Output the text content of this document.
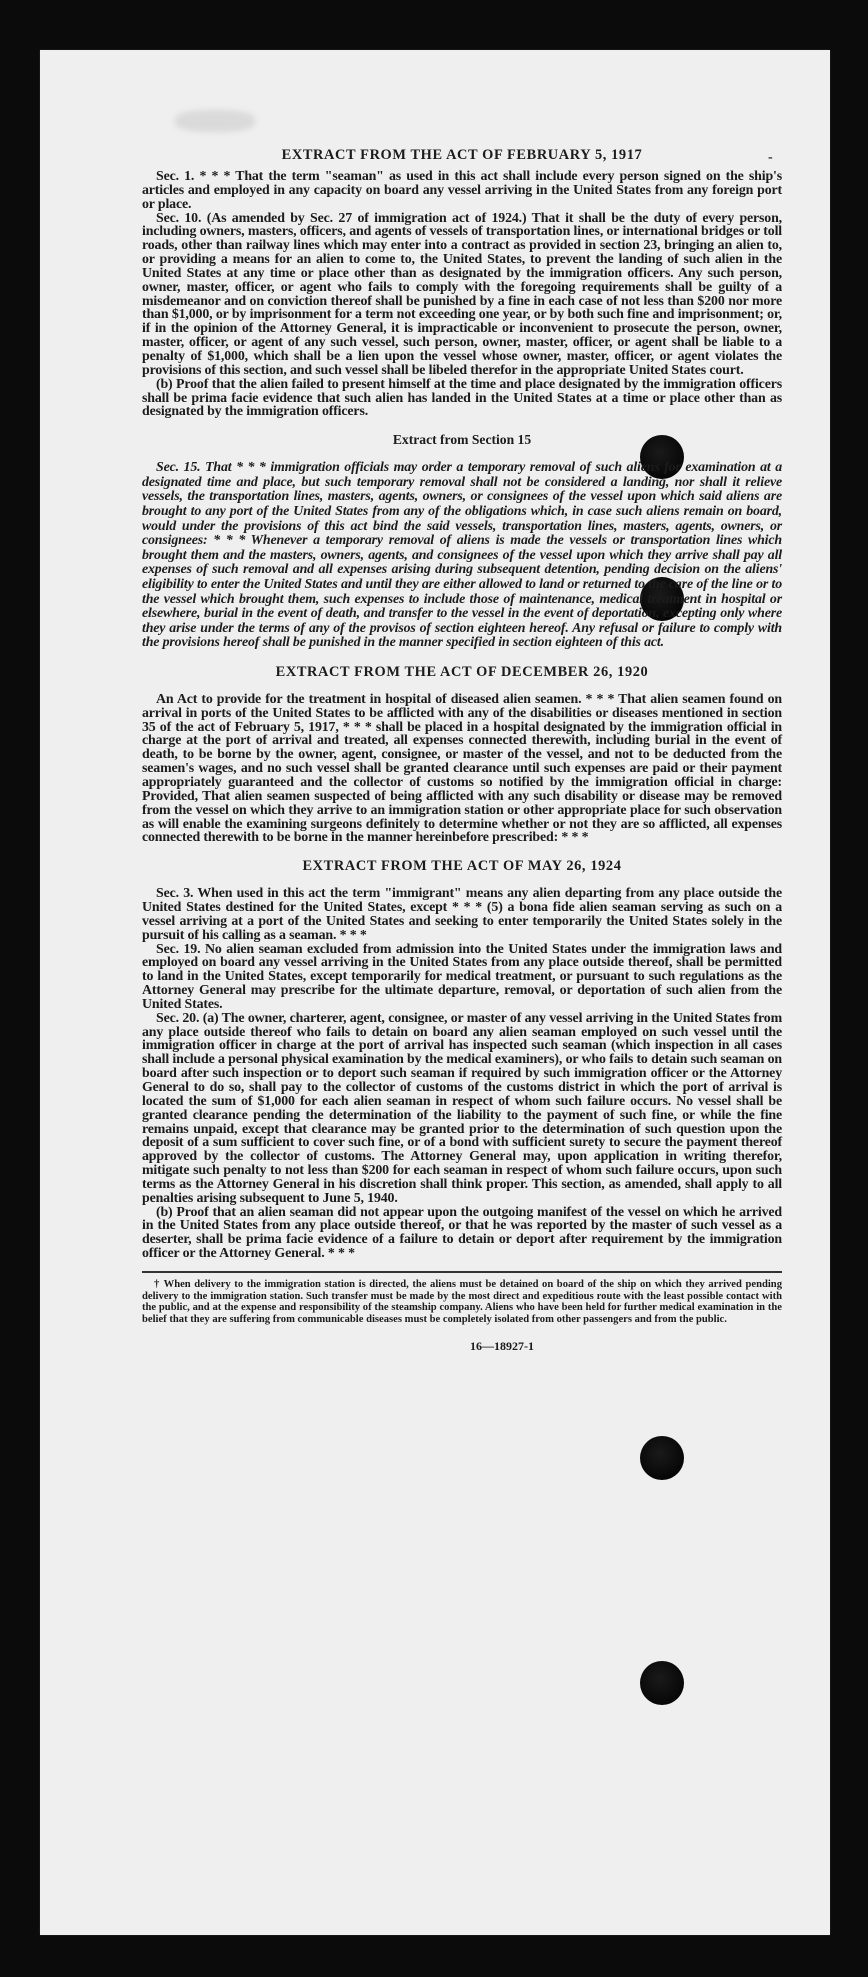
-
EXTRACT FROM THE ACT OF FEBRUARY 5, 1917

Sec. 1. * * * That the term "seaman" as used in this act shall include every person signed on the ship's articles and employed in any capacity on board any vessel arriving in the United States from any foreign port or place.

Sec. 10. (As amended by Sec. 27 of immigration act of 1924.) That it shall be the duty of every person, including owners, masters, officers, and agents of vessels of transportation lines, or international bridges or toll roads, other than railway lines which may enter into a contract as provided in section 23, bringing an alien to, or providing a means for an alien to come to, the United States, to prevent the landing of such alien in the United States at any time or place other than as designated by the immigration officers. Any such person, owner, master, officer, or agent who fails to comply with the foregoing requirements shall be guilty of a misdemeanor and on conviction thereof shall be punished by a fine in each case of not less than $200 nor more than $1,000, or by imprisonment for a term not exceeding one year, or by both such fine and imprisonment; or, if in the opinion of the Attorney General, it is impracticable or inconvenient to prosecute the person, owner, master, officer, or agent of any such vessel, such person, owner, master, officer, or agent shall be liable to a penalty of $1,000, which shall be a lien upon the vessel whose owner, master, officer, or agent violates the provisions of this section, and such vessel shall be libeled therefor in the appropriate United States court.

(b) Proof that the alien failed to present himself at the time and place designated by the immigration officers shall be prima facie evidence that such alien has landed in the United States at a time or place other than as designated by the immigration officers.

Extract from Section 15

Sec. 15. That * * * immigration officials may order a temporary removal of such aliens for examination at a designated time and place, but such temporary removal shall not be considered a landing, nor shall it relieve vessels, the transportation lines, masters, agents, owners, or consignees of the vessel upon which said aliens are brought to any port of the United States from any of the obligations which, in case such aliens remain on board, would under the provisions of this act bind the said vessels, transportation lines, masters, agents, owners, or consignees: * * * Whenever a temporary removal of aliens is made the vessels or transportation lines which brought them and the masters, owners, agents, and consignees of the vessel upon which they arrive shall pay all expenses of such removal and all expenses arising during subsequent detention, pending decision on the aliens' eligibility to enter the United States and until they are either allowed to land or returned to the care of the line or to the vessel which brought them, such expenses to include those of maintenance, medical treatment in hospital or elsewhere, burial in the event of death, and transfer to the vessel in the event of deportation, excepting only where they arise under the terms of any of the provisos of section eighteen hereof. Any refusal or failure to comply with the provisions hereof shall be punished in the manner specified in section eighteen of this act.

EXTRACT FROM THE ACT OF DECEMBER 26, 1920

An Act to provide for the treatment in hospital of diseased alien seamen. * * * That alien seamen found on arrival in ports of the United States to be afflicted with any of the disabilities or diseases mentioned in section 35 of the act of February 5, 1917, * * * shall be placed in a hospital designated by the immigration official in charge at the port of arrival and treated, all expenses connected therewith, including burial in the event of death, to be borne by the owner, agent, consignee, or master of the vessel, and not to be deducted from the seamen's wages, and no such vessel shall be granted clearance until such expenses are paid or their payment appropriately guaranteed and the collector of customs so notified by the immigration official in charge: Provided, That alien seamen suspected of being afflicted with any such disability or disease may be removed from the vessel on which they arrive to an immigration station or other appropriate place for such observation as will enable the examining surgeons definitely to determine whether or not they are so afflicted, all expenses connected therewith to be borne in the manner hereinbefore prescribed: * * *

EXTRACT FROM THE ACT OF MAY 26, 1924

Sec. 3. When used in this act the term "immigrant" means any alien departing from any place outside the United States destined for the United States, except * * * (5) a bona fide alien seaman serving as such on a vessel arriving at a port of the United States and seeking to enter temporarily the United States solely in the pursuit of his calling as a seaman. * * *

Sec. 19. No alien seaman excluded from admission into the United States under the immigration laws and employed on board any vessel arriving in the United States from any place outside thereof, shall be permitted to land in the United States, except temporarily for medical treatment, or pursuant to such regulations as the Attorney General may prescribe for the ultimate departure, removal, or deportation of such alien from the United States.

Sec. 20. (a) The owner, charterer, agent, consignee, or master of any vessel arriving in the United States from any place outside thereof who fails to detain on board any alien seaman employed on such vessel until the immigration officer in charge at the port of arrival has inspected such seaman (which inspection in all cases shall include a personal physical examination by the medical examiners), or who fails to detain such seaman on board after such inspection or to deport such seaman if required by such immigration officer or the Attorney General to do so, shall pay to the collector of customs of the customs district in which the port of arrival is located the sum of $1,000 for each alien seaman in respect of whom such failure occurs. No vessel shall be granted clearance pending the determination of the liability to the payment of such fine, or while the fine remains unpaid, except that clearance may be granted prior to the determination of such question upon the deposit of a sum sufficient to cover such fine, or of a bond with sufficient surety to secure the payment thereof approved by the collector of customs. The Attorney General may, upon application in writing therefor, mitigate such penalty to not less than $200 for each seaman in respect of whom such failure occurs, upon such terms as the Attorney General in his discretion shall think proper. This section, as amended, shall apply to all penalties arising subsequent to June 5, 1940.

(b) Proof that an alien seaman did not appear upon the outgoing manifest of the vessel on which he arrived in the United States from any place outside thereof, or that he was reported by the master of such vessel as a deserter, shall be prima facie evidence of a failure to detain or deport after requirement by the immigration officer or the Attorney General. * * *

† When delivery to the immigration station is directed, the aliens must be detained on board of the ship on which they arrived pending delivery to the immigration station. Such transfer must be made by the most direct and expeditious route with the least possible contact with the public, and at the expense and responsibility of the steamship company. Aliens who have been held for further medical examination in the belief that they are suffering from communicable diseases must be completely isolated from other passengers and from the public.

16—18927-1
